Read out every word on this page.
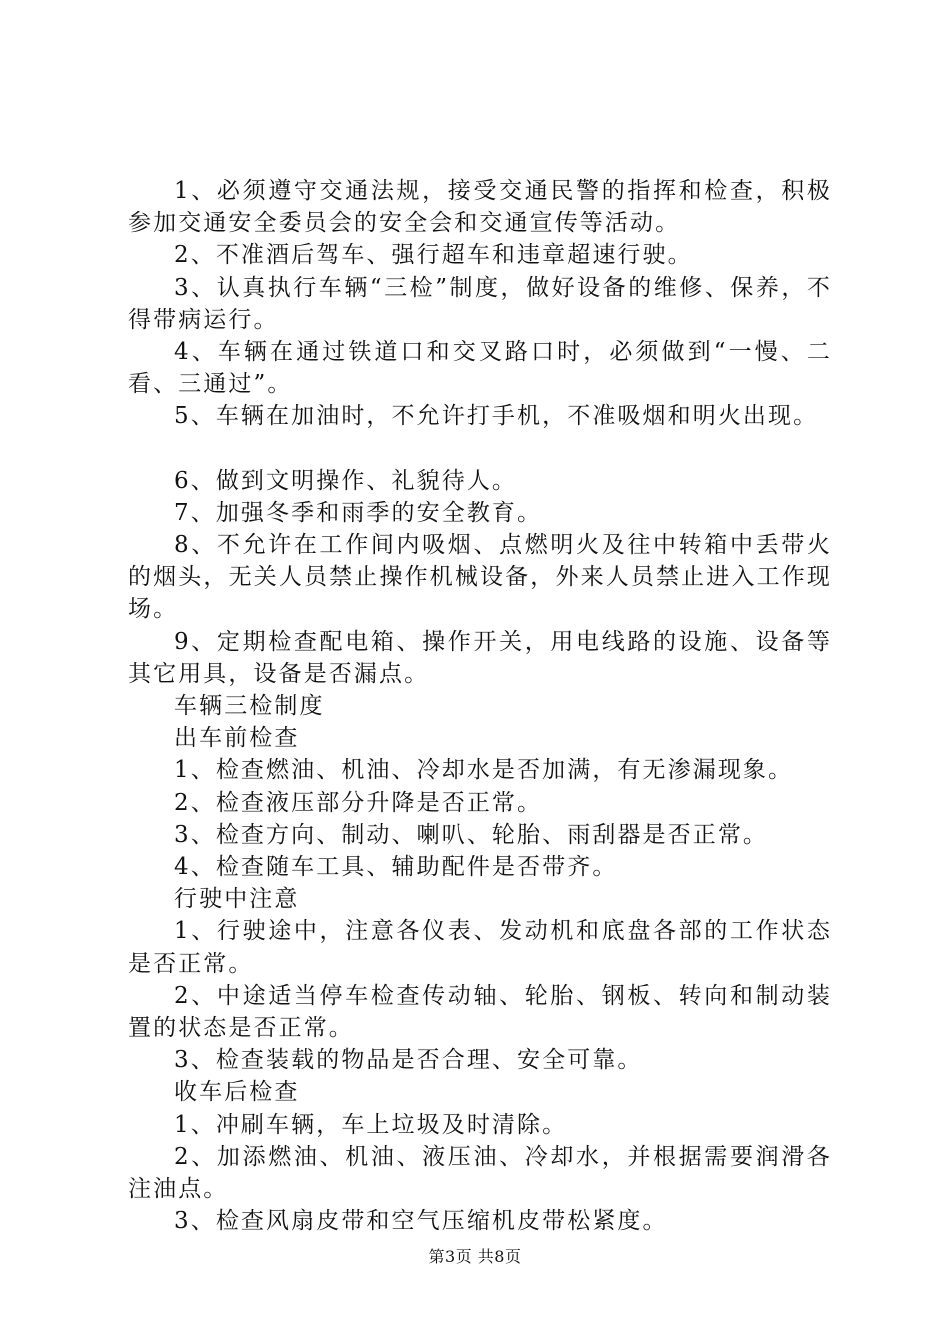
1、必须遵守交通法规，接受交通民警的指挥和检查，积极参加交通安全委员会的安全会和交通宣传等活动。

2、不准酒后驾车、强行超车和违章超速行驶。

3、认真执行车辆“三检”制度，做好设备的维修、保养，不得带病运行。

4、车辆在通过铁道口和交叉路口时，必须做到“一慢、二看、三通过”。

5、车辆在加油时，不允许打手机，不准吸烟和明火出现。

6、做到文明操作、礼貌待人。

7、加强冬季和雨季的安全教育。

8、不允许在工作间内吸烟、点燃明火及往中转箱中丢带火的烟头，无关人员禁止操作机械设备，外来人员禁止进入工作现场。

9、定期检查配电箱、操作开关，用电线路的设施、设备等其它用具，设备是否漏点。

车辆三检制度

出车前检查

1、检查燃油、机油、冷却水是否加满，有无渗漏现象。

2、检查液压部分升降是否正常。

3、检查方向、制动、喇叭、轮胎、雨刮器是否正常。

4、检查随车工具、辅助配件是否带齐。

行驶中注意

1、行驶途中，注意各仪表、发动机和底盘各部的工作状态是否正常。

2、中途适当停车检查传动轴、轮胎、钢板、转向和制动装置的状态是否正常。

3、检查装载的物品是否合理、安全可靠。

收车后检查

1、冲刷车辆，车上垃圾及时清除。

2、加添燃油、机油、液压油、冷却水，并根据需要润滑各注油点。

3、检查风扇皮带和空气压缩机皮带松紧度。

第3页 共8页
